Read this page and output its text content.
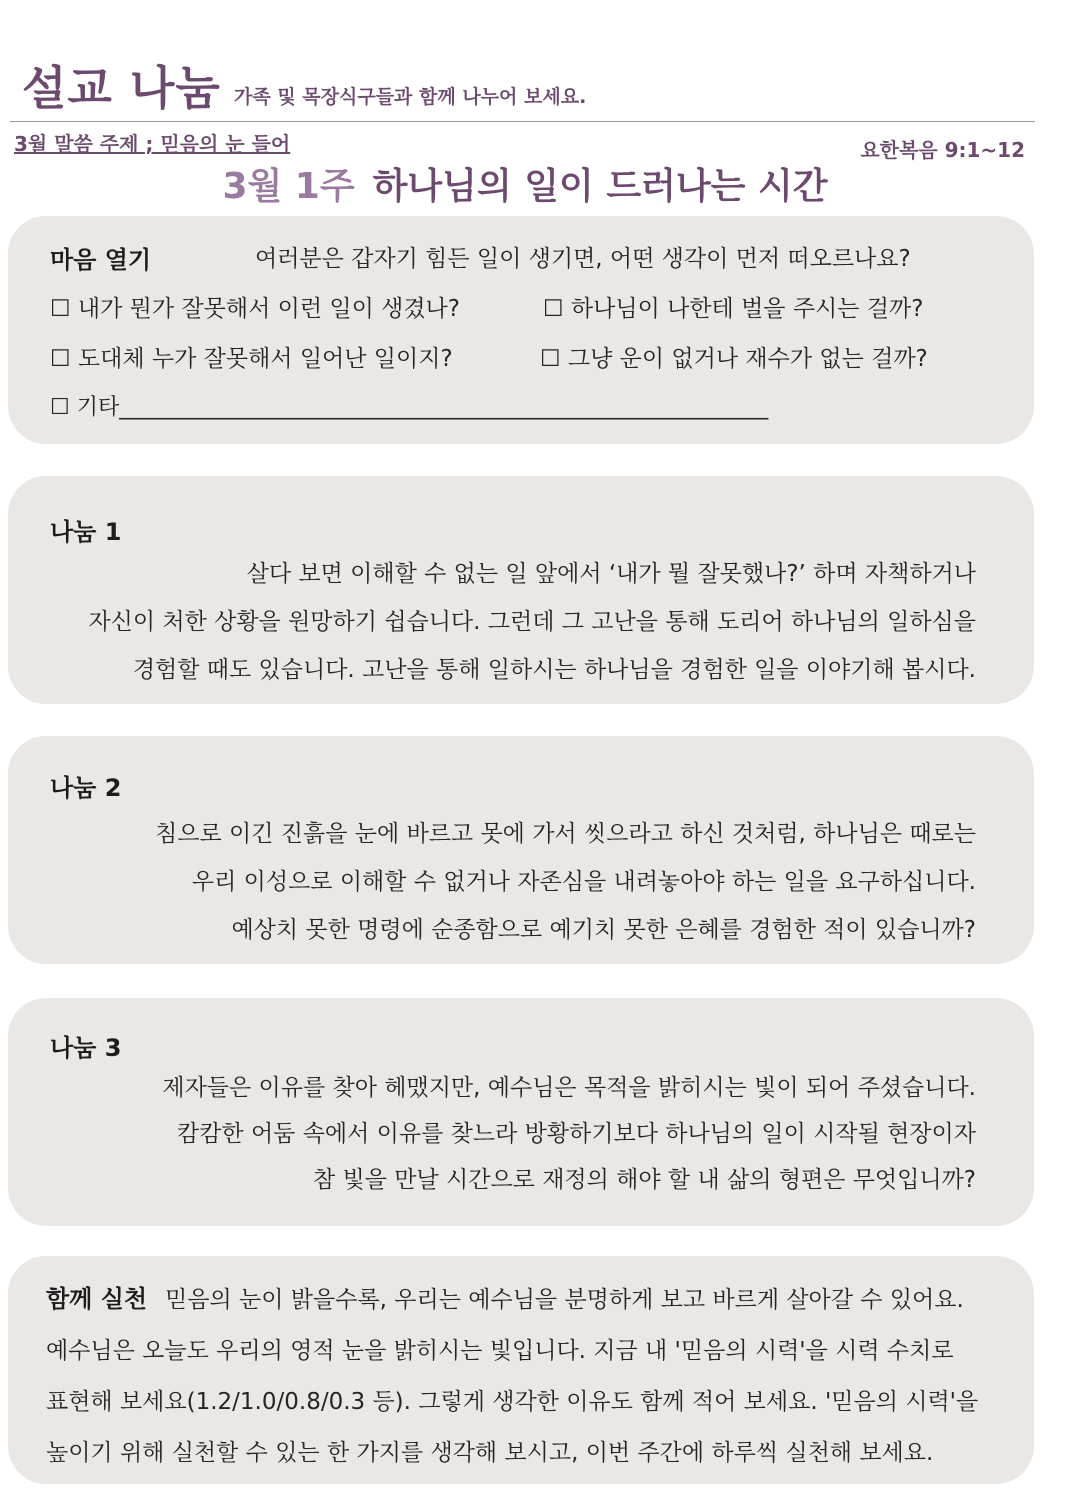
설교 나눔 가족 및 목장식구들과 함께 나누어 보세요.
3월 말씀 주제 ; 믿음의 눈 들어	요한복음 9:1~12
3월 1주 하나님의 일이 드러나는 시간
마음 열기	여러분은 갑자기 힘든 일이 생기면, 어떤 생각이 먼저 떠오르나요?
☐ 내가 뭔가 잘못해서 이런 일이 생겼나?	☐ 하나님이 나한테 벌을 주시는 걸까?
☐ 도대체 누가 잘못해서 일어난 일이지?	☐ 그냥 운이 없거나 재수가 없는 걸까?
☐ 기타___________________________________________________________
나눔 1
살다 보면 이해할 수 없는 일 앞에서 ‘내가 뭘 잘못했나?’ 하며 자책하거나
자신이 처한 상황을 원망하기 쉽습니다. 그런데 그 고난을 통해 도리어 하나님의 일하심을
경험할 때도 있습니다. 고난을 통해 일하시는 하나님을 경험한 일을 이야기해 봅시다.
나눔 2
침으로 이긴 진흙을 눈에 바르고 못에 가서 씻으라고 하신 것처럼, 하나님은 때로는
우리 이성으로 이해할 수 없거나 자존심을 내려놓아야 하는 일을 요구하십니다.
예상치 못한 명령에 순종함으로 예기치 못한 은혜를 경험한 적이 있습니까?
나눔 3
제자들은 이유를 찾아 헤맸지만, 예수님은 목적을 밝히시는 빛이 되어 주셨습니다.
캄캄한 어둠 속에서 이유를 찾느라 방황하기보다 하나님의 일이 시작될 현장이자
참 빛을 만날 시간으로 재정의 해야 할 내 삶의 형편은 무엇입니까?
함께 실천 믿음의 눈이 밝을수록, 우리는 예수님을 분명하게 보고 바르게 살아갈 수 있어요.
예수님은 오늘도 우리의 영적 눈을 밝히시는 빛입니다. 지금 내 '믿음의 시력'을 시력 수치로
표현해 보세요(1.2/1.0/0.8/0.3 등). 그렇게 생각한 이유도 함께 적어 보세요. '믿음의 시력'을
높이기 위해 실천할 수 있는 한 가지를 생각해 보시고, 이번 주간에 하루씩 실천해 보세요.
